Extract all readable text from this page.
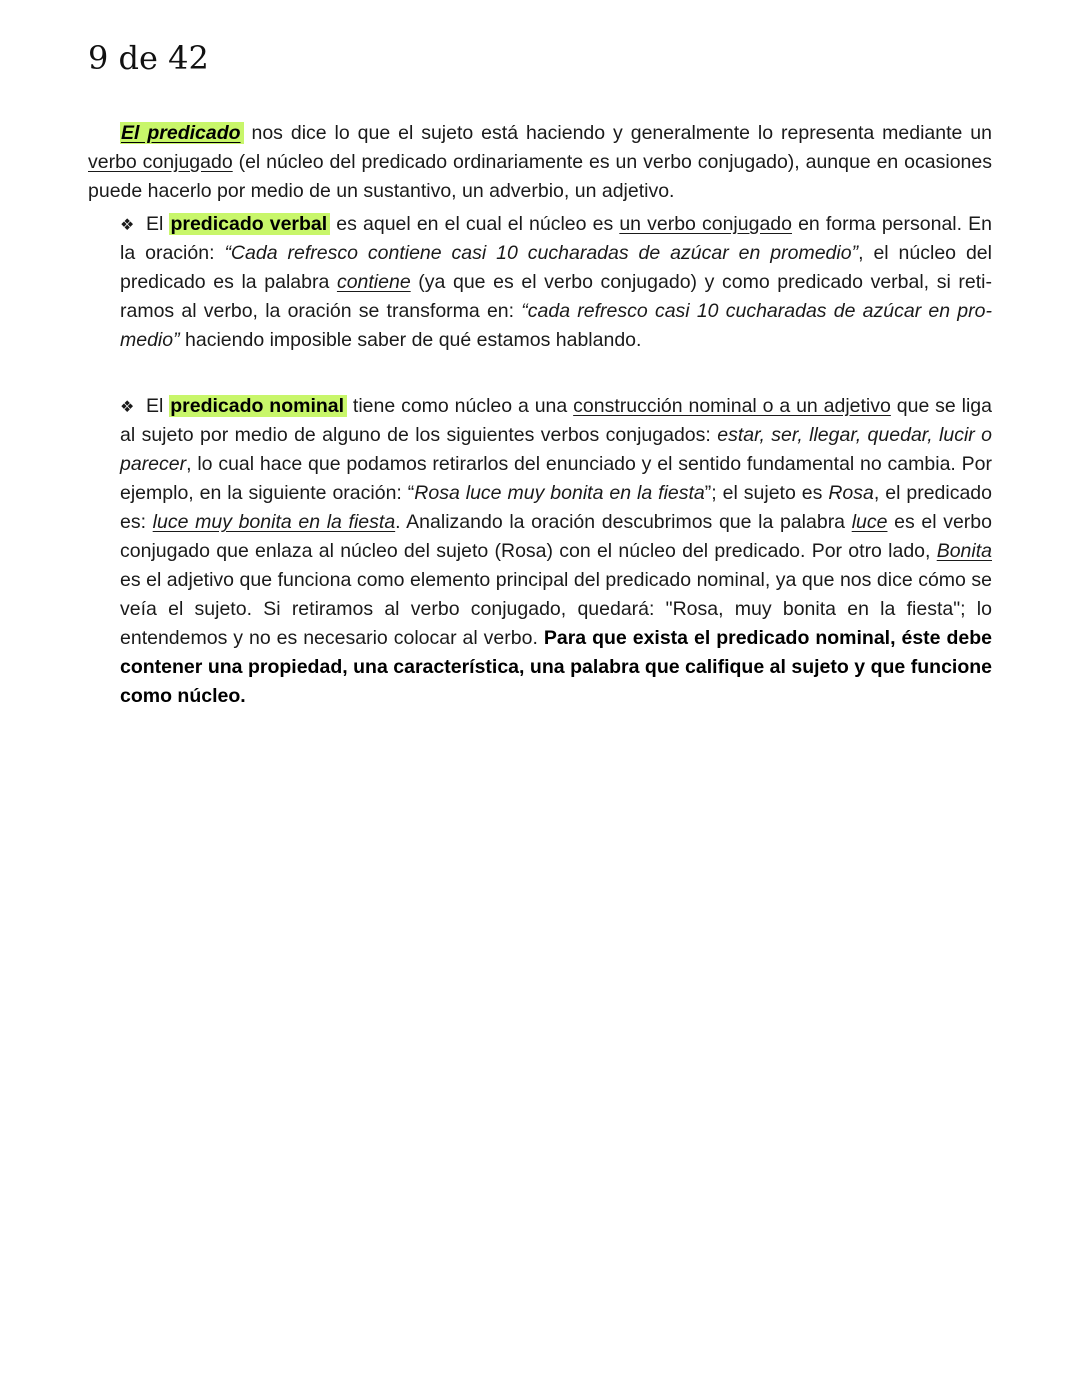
9 de 42

El predicado nos dice lo que el sujeto está haciendo y generalmente lo representa mediante un verbo conjugado (el núcleo del predicado ordinariamente es un verbo conjugado), aunque en ocasiones puede hacerlo por medio de un sustantivo, un adverbio, un adjetivo.

❖ El predicado verbal es aquel en el cual el núcleo es un verbo conjugado en forma personal. En la oración: “Cada refresco contiene casi 10 cucharadas de azúcar en promedio”, el núcleo del predicado es la palabra contiene (ya que es el verbo conjugado) y como predicado verbal, si retiramos al verbo, la oración se transforma en: “cada refresco casi 10 cucharadas de azúcar en promedio” haciendo imposible saber de qué estamos hablando.

❖ El predicado nominal tiene como núcleo a una construcción nominal o a un adjetivo que se liga al sujeto por medio de alguno de los siguientes verbos conjugados: estar, ser, llegar, quedar, lucir o parecer, lo cual hace que podamos retirarlos del enunciado y el sentido fundamental no cambia. Por ejemplo, en la siguiente oración: “Rosa luce muy bonita en la fiesta”; el sujeto es Rosa, el predicado es: luce muy bonita en la fiesta. Analizando la oración descubrimos que la palabra luce es el verbo conjugado que enlaza al núcleo del sujeto (Rosa) con el núcleo del predicado. Por otro lado, Bonita es el adjetivo que funciona como elemento principal del predicado nominal, ya que nos dice cómo se veía el sujeto. Si retiramos al verbo conjugado, quedará: "Rosa, muy bonita en la fiesta"; lo entendemos y no es necesario colocar al verbo. Para que exista el predicado nominal, éste debe contener una propiedad, una característica, una palabra que califique al sujeto y que funcione como núcleo.
